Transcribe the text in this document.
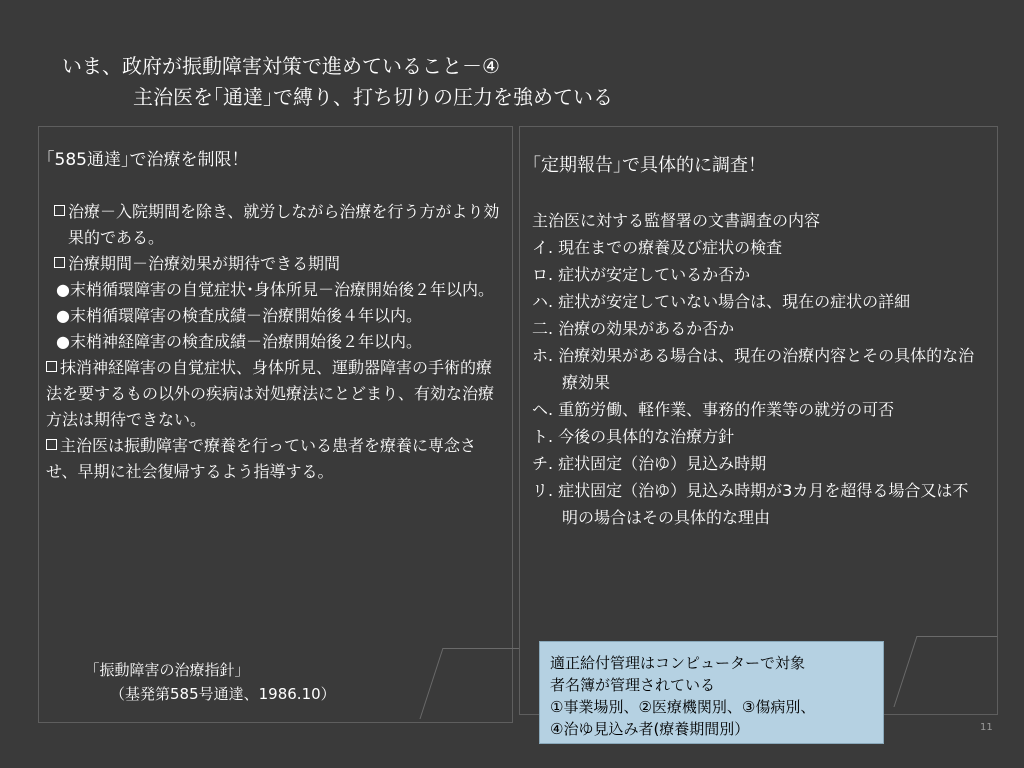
いま、政府が振動障害対策で進めていること－④
主治医を｢通達｣で縛り、打ち切りの圧力を強めている
｢585通達｣で治療を制限！
治療－入院期間を除き、就労しながら治療を行う方がより効果的である。
治療期間－治療効果が期待できる期間
●末梢循環障害の自覚症状･身体所見－治療開始後２年以内。
●末梢循環障害の検査成績－治療開始後４年以内。
●末梢神経障害の検査成績－治療開始後２年以内。
抹消神経障害の自覚症状、身体所見、運動器障害の手術的療法を要するもの以外の疾病は対処療法にとどまり、有効な治療方法は期待できない。
主治医は振動障害で療養を行っている患者を療養に専念させ、早期に社会復帰するよう指導する。
｢振動障害の治療指針｣
（基発第585号通達、1986.10）
｢定期報告｣で具体的に調査！
主治医に対する監督署の文書調査の内容
イ. 現在までの療養及び症状の検査
ロ. 症状が安定しているか否か
ハ. 症状が安定していない場合は、現在の症状の詳細
二. 治療の効果があるか否か
ホ. 治療効果がある場合は、現在の治療内容とその具体的な治療効果
ヘ. 重筋労働、軽作業、事務的作業等の就労の可否
ト. 今後の具体的な治療方針
チ. 症状固定（治ゆ）見込み時期
リ. 症状固定（治ゆ）見込み時期が3カ月を超得る場合又は不明の場合はその具体的な理由
適正給付管理はコンピューターで対象
者名簿が管理されている
①事業場別、②医療機関別、③傷病別、
④治ゆ見込み者(療養期間別）	11
